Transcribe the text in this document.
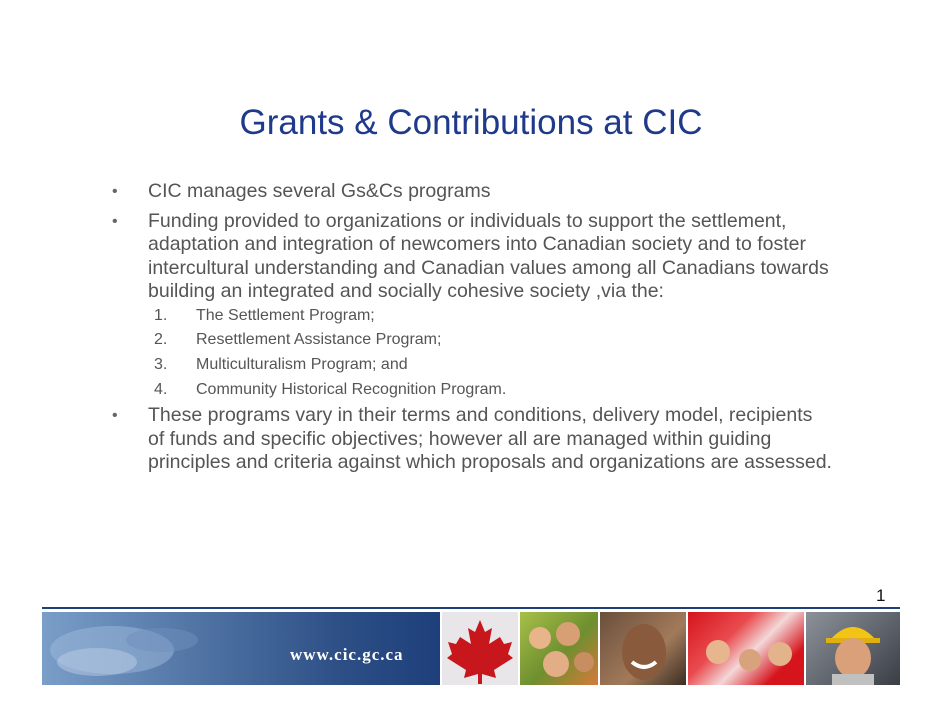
Grants & Contributions at CIC
• CIC manages several Gs&Cs programs
• Funding provided to organizations or individuals to support the settlement, adaptation and integration of newcomers into Canadian society and to foster intercultural understanding and Canadian values among all Canadians towards building an integrated and socially cohesive society ,via the:
1. The Settlement Program;
2. Resettlement Assistance Program;
3. Multiculturalism Program; and
4. Community Historical Recognition Program.
• These programs vary in their terms and conditions, delivery model, recipients of funds and specific objectives; however all are managed within guiding principles and criteria against which proposals and organizations are assessed.
1
www.cic.gc.ca
